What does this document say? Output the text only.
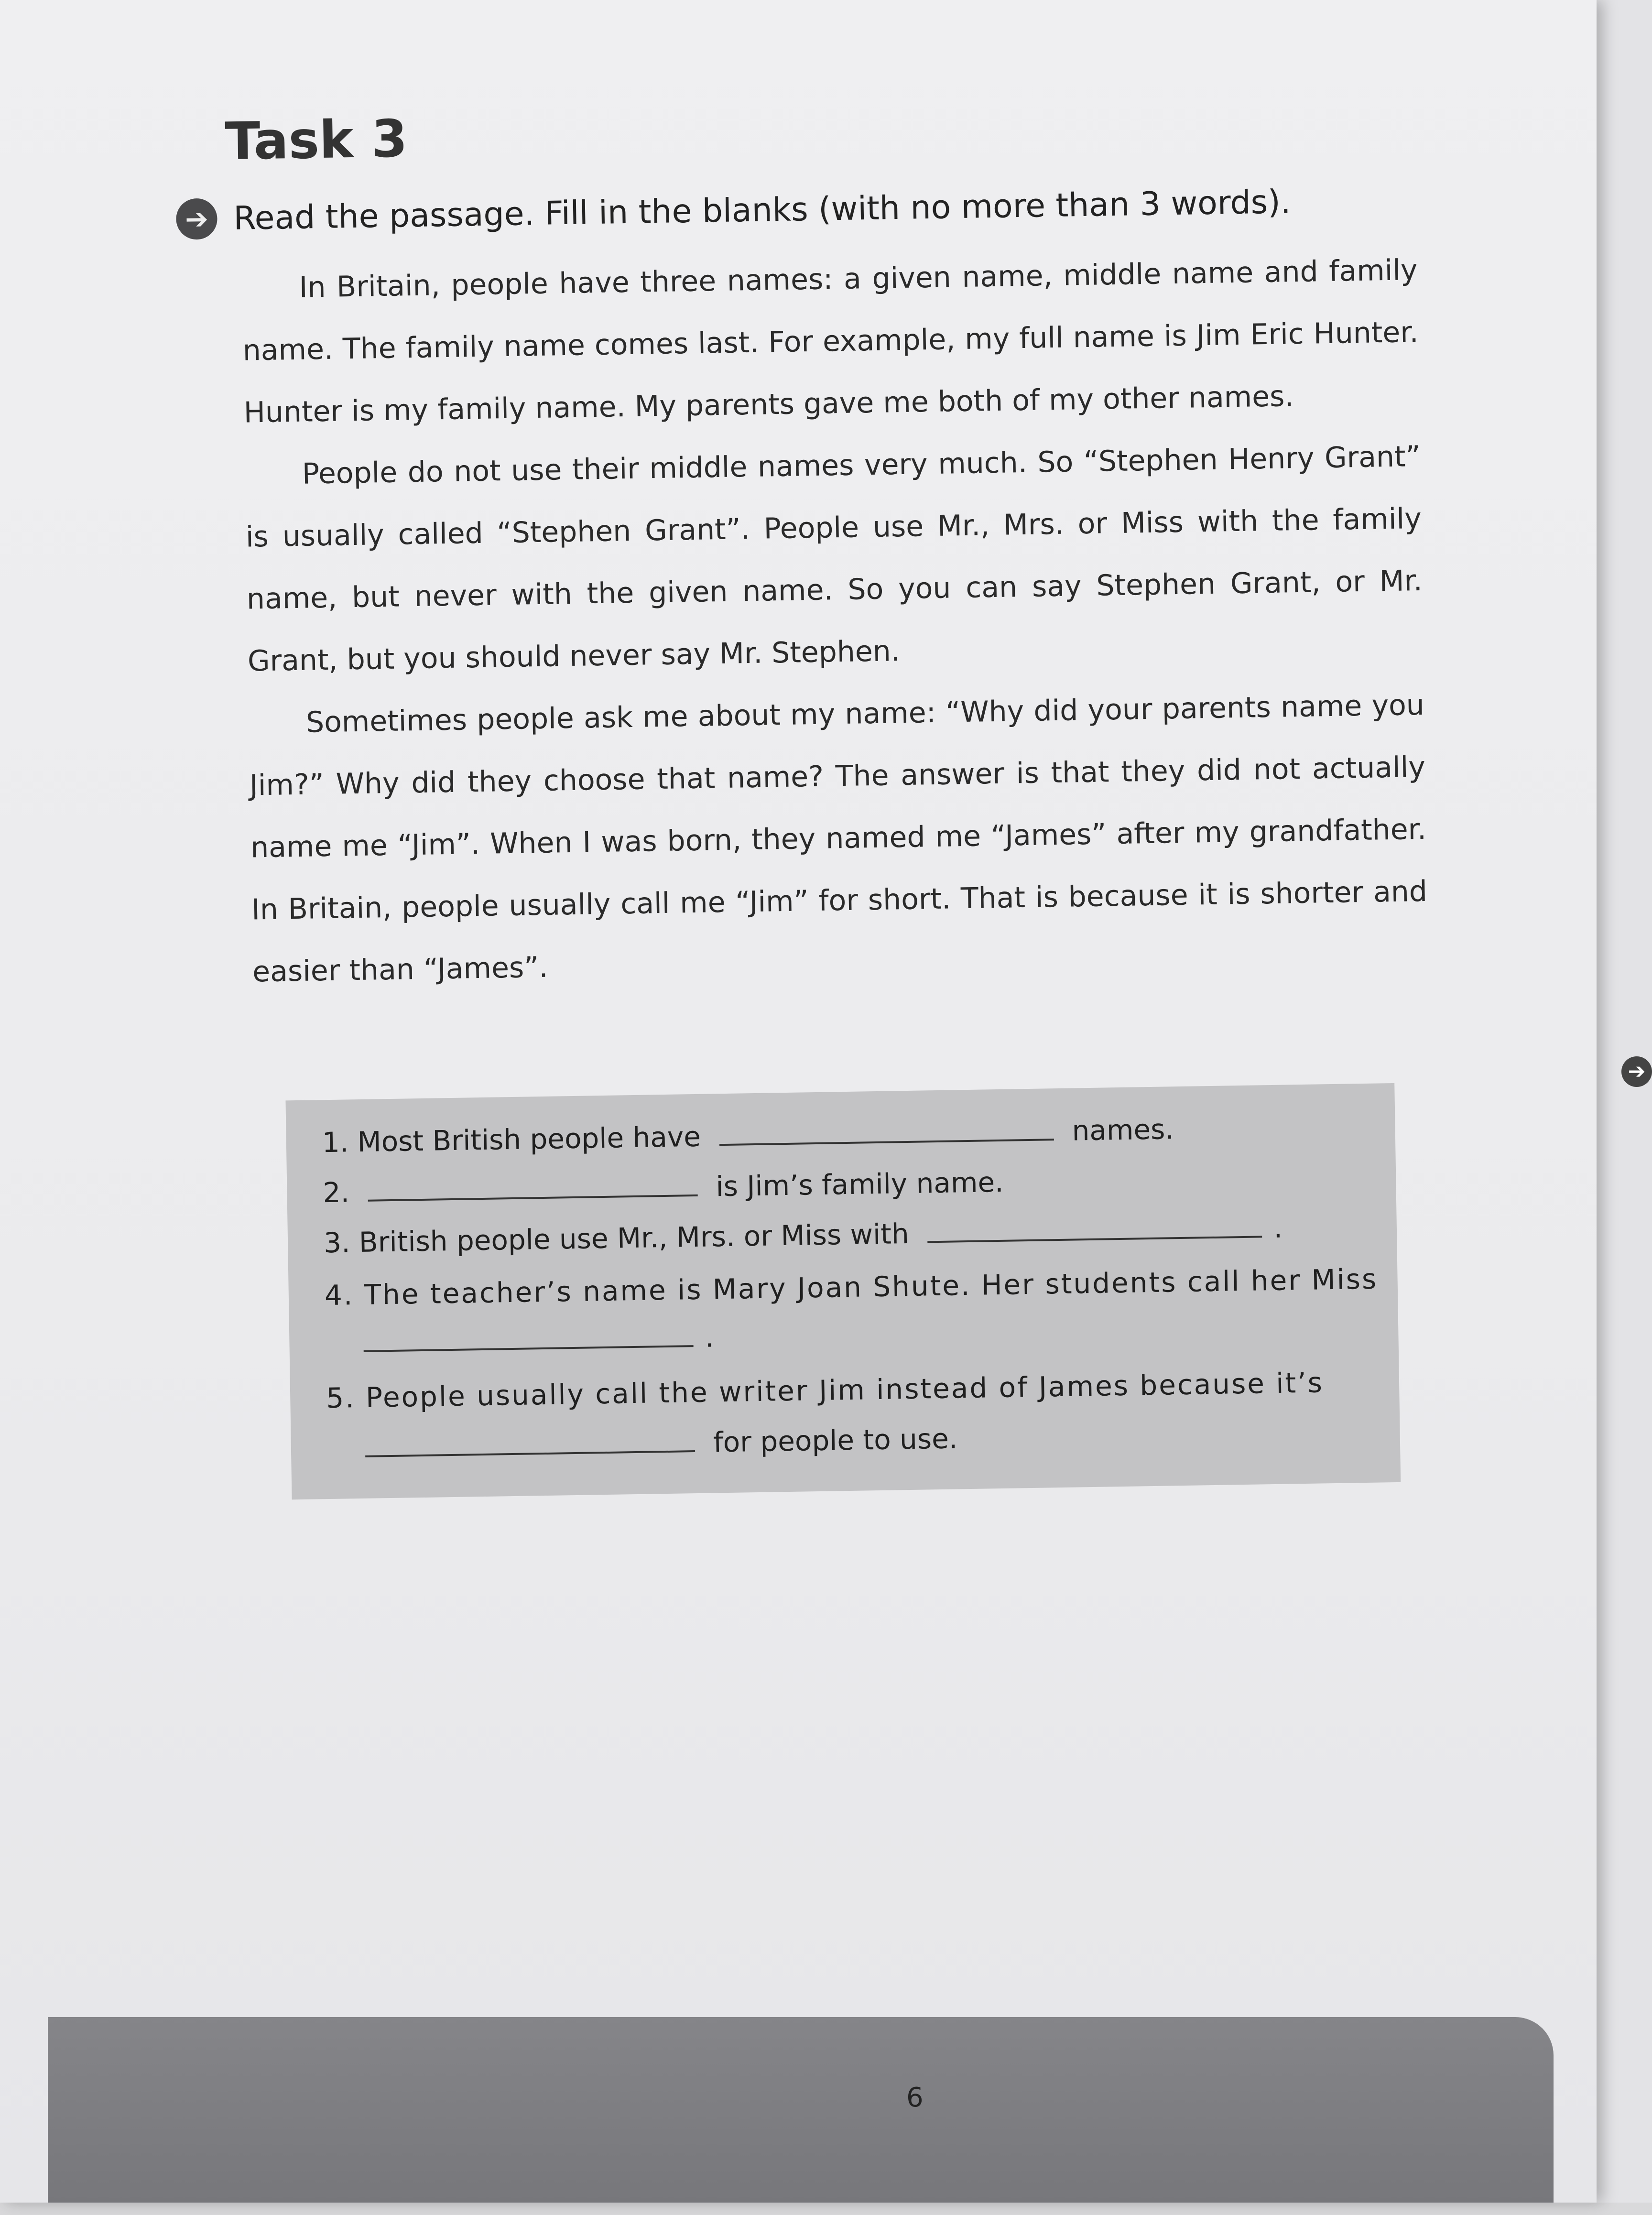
➔
Task 3
➔ Read the passage. Fill in the blanks (with no more than 3 words).

In Britain, people have three names: a given name, middle name and family name. The family name comes last. For example, my full name is Jim Eric Hunter. Hunter is my family name. My parents gave me both of my other names.

People do not use their middle names very much. So “Stephen Henry Grant” is usually called “Stephen Grant”. People use Mr., Mrs. or Miss with the family name, but never with the given name. So you can say Stephen Grant, or Mr. Grant, but you should never say Mr. Stephen.

Sometimes people ask me about my name: “Why did your parents name you Jim?” Why did they choose that name? The answer is that they did not actually name me “Jim”. When I was born, they named me “James” after my grandfather. In Britain, people usually call me “Jim” for short. That is because it is shorter and easier than “James”.

1. Most British people have	names.
2.	is Jim’s family name.
3. British people use Mr., Mrs. or Miss with	.
4. The teacher’s name is Mary Joan Shute. Her students call her Miss
.
5. People usually call the writer Jim instead of James because it’s
for people to use.
6
